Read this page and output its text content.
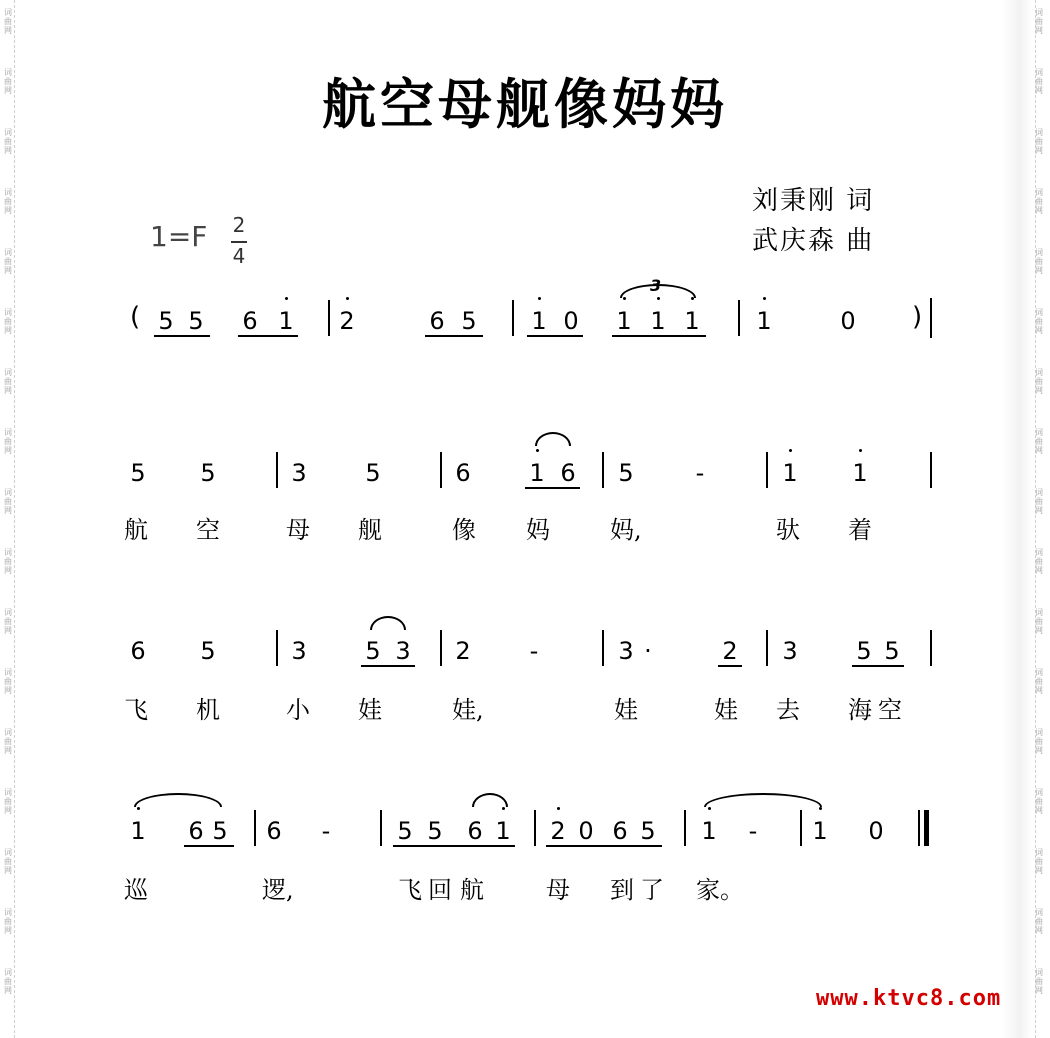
词
曲
网
词
曲
网
词
曲
网
词
曲
网
词
曲
网
词
曲
网
词
曲
网
词
曲
网
词
曲
网
词
曲
网
词
曲
网
词
曲
网
词
曲
网
词
曲
网
词
曲
网
词
曲
网
词
曲
网
词
曲
网
词
曲
网
词
曲
网
词
曲
网
词
曲
网
词
曲
网
词
曲
网
词
曲
网
词
曲
网
词
曲
网
词
曲
网
词
曲
网
词
曲
网
词
曲
网
词
曲
网
词
曲
网
词
曲
网
航空母舰像妈妈
刘秉刚 词
武庆森 曲
1=F 2
4
( 5 5 6 1 2	6 5 1 0 1 1 1
3
1	0 )
5 5	3 5	6 1 6 5	-	1 1
航 空	母 舰	像 妈	妈,	驮 着
6 5	3 5 3 2	-	3 ·	2 3 5 5
飞 机	小 娃	娃,	娃	娃 去 海 空
1 6 5 6	-	5 5 6 1 2 0 6 5 1	-	1 0
巡	逻,	飞 回 航	母 到 了 家。
www.ktvc8.com
